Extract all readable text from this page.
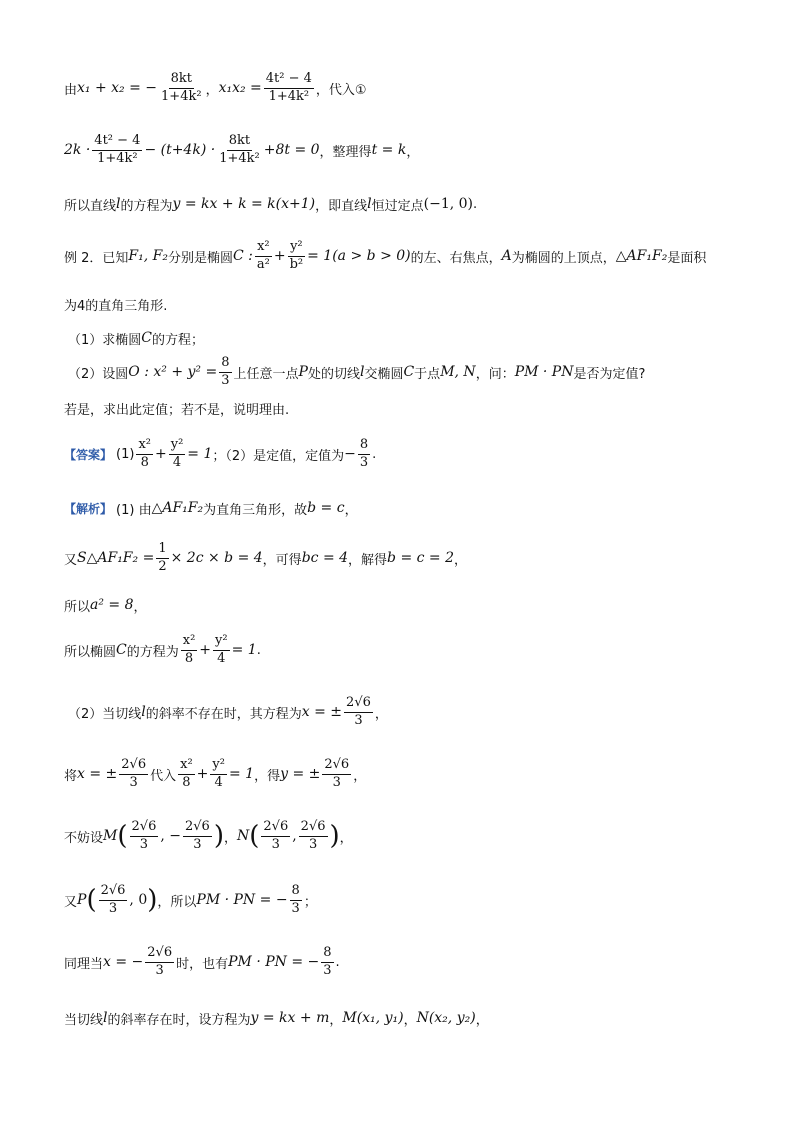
由 x₁ + x₂ = − $\frac{8kt}{\text{1+4k²}}$ ， $x_1x_2 = \frac{\text{4t² − 4}}{\text{1+4k²}}$ ，代入①
$2k \cdot \frac{\text{4t² − 4}}{\text{1+4k²}} - (t+4k) \cdot \frac{8kt}{\text{1+4k²}} +8t = 0$ ，整理得 t = k ，
所以直线 l 的方程为 y = kx + k = k(x+1) ，即直线 l 恒过定点 (−1, 0) .
例 2．已知 F₁, F₂ 分别是椭圆 C : $\frac{\text{x²}}{\text{a²}} + \frac{\text{y²}}{\text{b²}} = 1(a > b > 0)$ 的左、右焦点， A 为椭圆的上顶点， △AF₁F₂ 是面积
为4的直角三角形.
（1）求椭圆 C 的方程；
（2）设圆 O : $x^2 + y^2 = \frac{8}{3}$ 上任意一点 P 处的切线 l 交椭圆 C 于点 M, N ，问： PM · PN 是否为定值?
若是，求出此定值；若不是，说明理由.
【答案】 $(1) \frac{\text{x²}}{8} + \frac{\text{y²}}{4} = 1$ ；（2）是定值，定值为 − $\frac{8}{3}$ .
【解析】 (1) 由 △AF₁F₂ 为直角三角形，故 b = c ，
又 S△AF₁F₂ = $\frac{1}{2} \times 2c \times b = 4$ ，可得 bc = 4 ，解得 b = c = 2 ，
所以 a² = 8 ，
所以椭圆 C 的方程为 $\frac{\text{x²}}{8} + \frac{\text{y²}}{4} = 1$ .
（2）当切线 l 的斜率不存在时，其方程为 x = ± $\frac{2√6}{3}$ ，
将 x = ± $\frac{2√6}{3}$ 代入 $\frac{\text{x²}}{8} + \frac{\text{y²}}{4} = 1$ ，得 y = ± $\frac{2√6}{3}$ ，
不妨设 M ( $\frac{2√6}{3}$ , − $\frac{2√6}{3}$ ) ， N ( $\frac{2√6}{3}$ , $\frac{2√6}{3}$ ) ，
又 P ( $\frac{2√6}{3}$ , 0 ) ，所以 PM · PN = − $\frac{8}{3}$ ；
同理当 x = − $\frac{2√6}{3}$ 时，也有 PM · PN = − $\frac{8}{3}$ .
当切线 l 的斜率存在时，设方程为 y = kx + m ， M(x₁, y₁) ， N(x₂, y₂) ，
